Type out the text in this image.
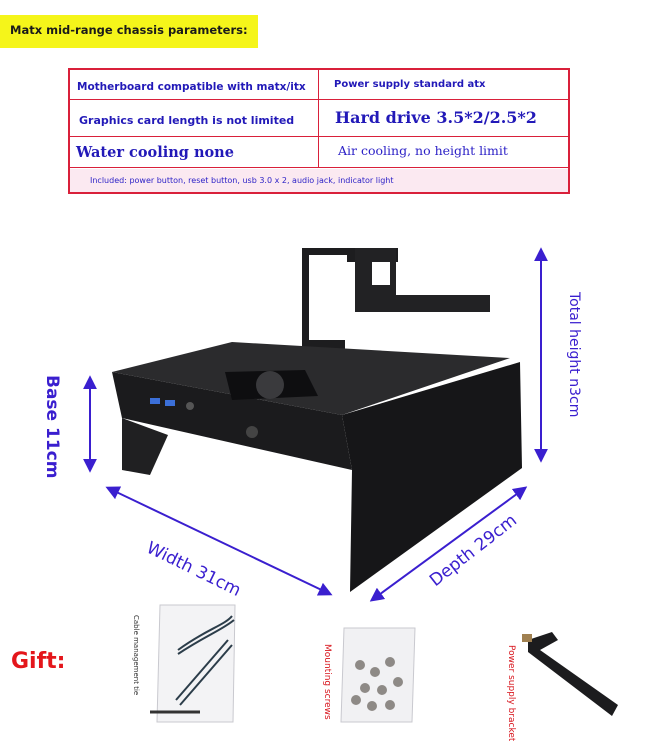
Matx mid-range chassis parameters:
Motherboard compatible with matx/itx	Power supply standard atx
Graphics card length is not limited	Hard drive 3.5*2/2.5*2
Water cooling none	Air cooling, no height limit
Included: power button, reset button, usb 3.0 x 2, audio jack, indicator light
Base 11cm
Width 31cm	Depth 29cm
Total height n3cm
Gift:	Cable management tie	Mounting screws	Power supply bracket
